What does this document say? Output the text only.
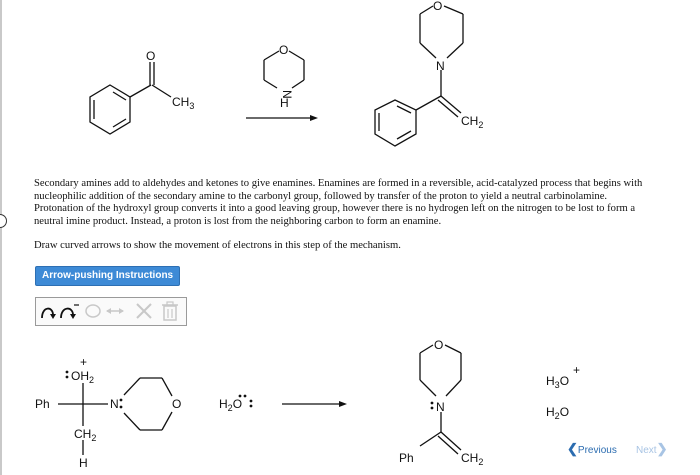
O
$CH_3$
O
N
H
O
N
$CH_2$

Secondary amines add to aldehydes and ketones to give enamines. Enamines are formed in a reversible, acid-catalyzed process that begins with nucleophilic addition of the secondary amine to the carbonyl group, followed by transfer of the proton to yield a neutral carbinolamine. Protonation of the hydroxyl group converts it into a good leaving group, however there is no hydrogen left on the nitrogen to be lost to form a neutral imine product. Instead, a proton is lost from the neighboring carbon to form an enamine.

Draw curved arrows to show the movement of electrons in this step of the mechanism.

Arrow-pushing Instructions
$OH_2$
+
Ph	N	O
$CH_2$
H
$H_2O$
O
N
Ph	$CH_2$
$H_3O$
+
$H_2O$
❮Previous Next❯
